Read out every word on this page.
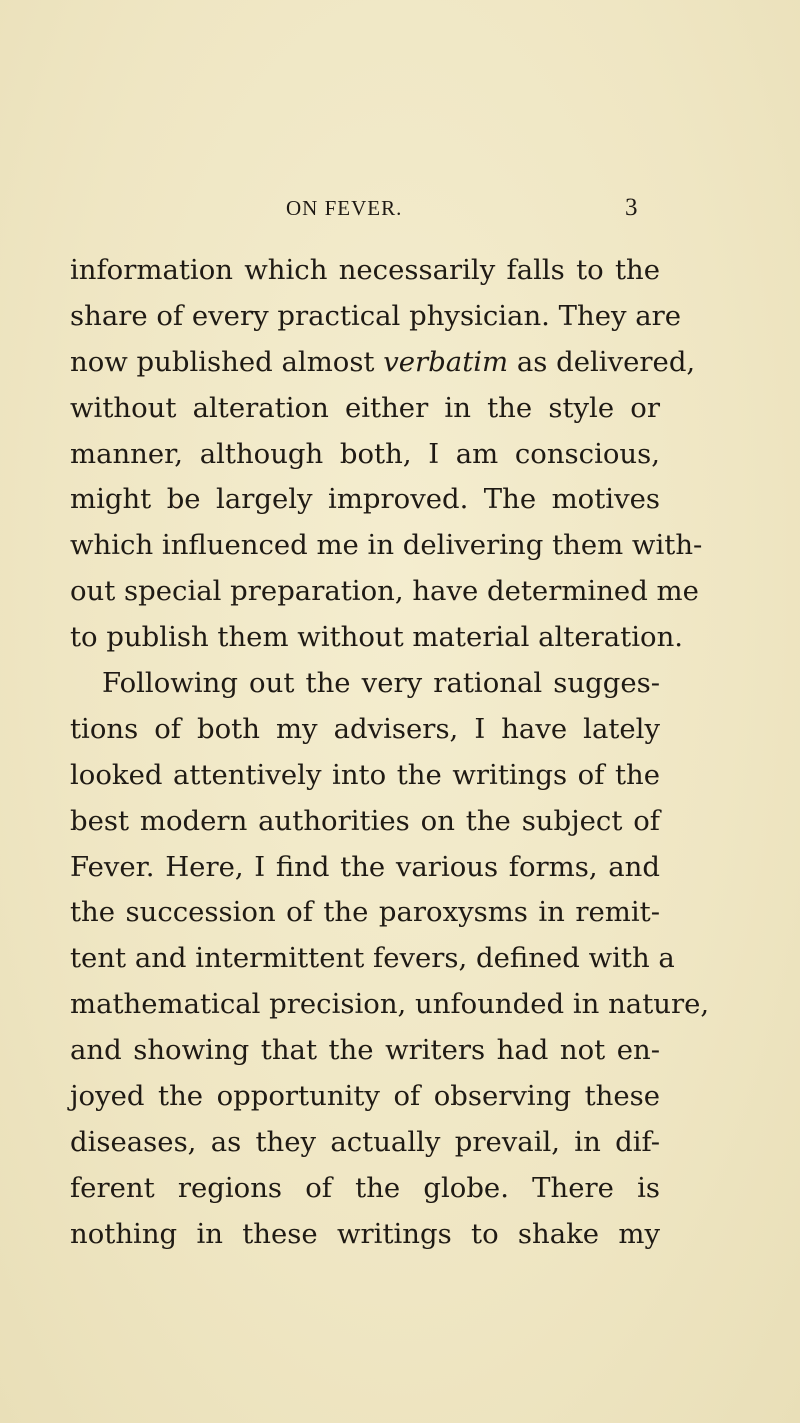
ON FEVER.	3
information which necessarily falls to the
share of every practical physician. They are
now published almost verbatim as delivered,
without alteration either in the style or
manner, although both, I am conscious,
might be largely improved. The motives
which influenced me in delivering them with-
out special preparation, have determined me
to publish them without material alteration.
Following out the very rational sugges-
tions of both my advisers, I have lately
looked attentively into the writings of the
best modern authorities on the subject of
Fever. Here, I find the various forms, and
the succession of the paroxysms in remit-
tent and intermittent fevers, defined with a
mathematical precision, unfounded in nature,
and showing that the writers had not en-
joyed the opportunity of observing these
diseases, as they actually prevail, in dif-
ferent regions of the globe. There is
nothing in these writings to shake my
